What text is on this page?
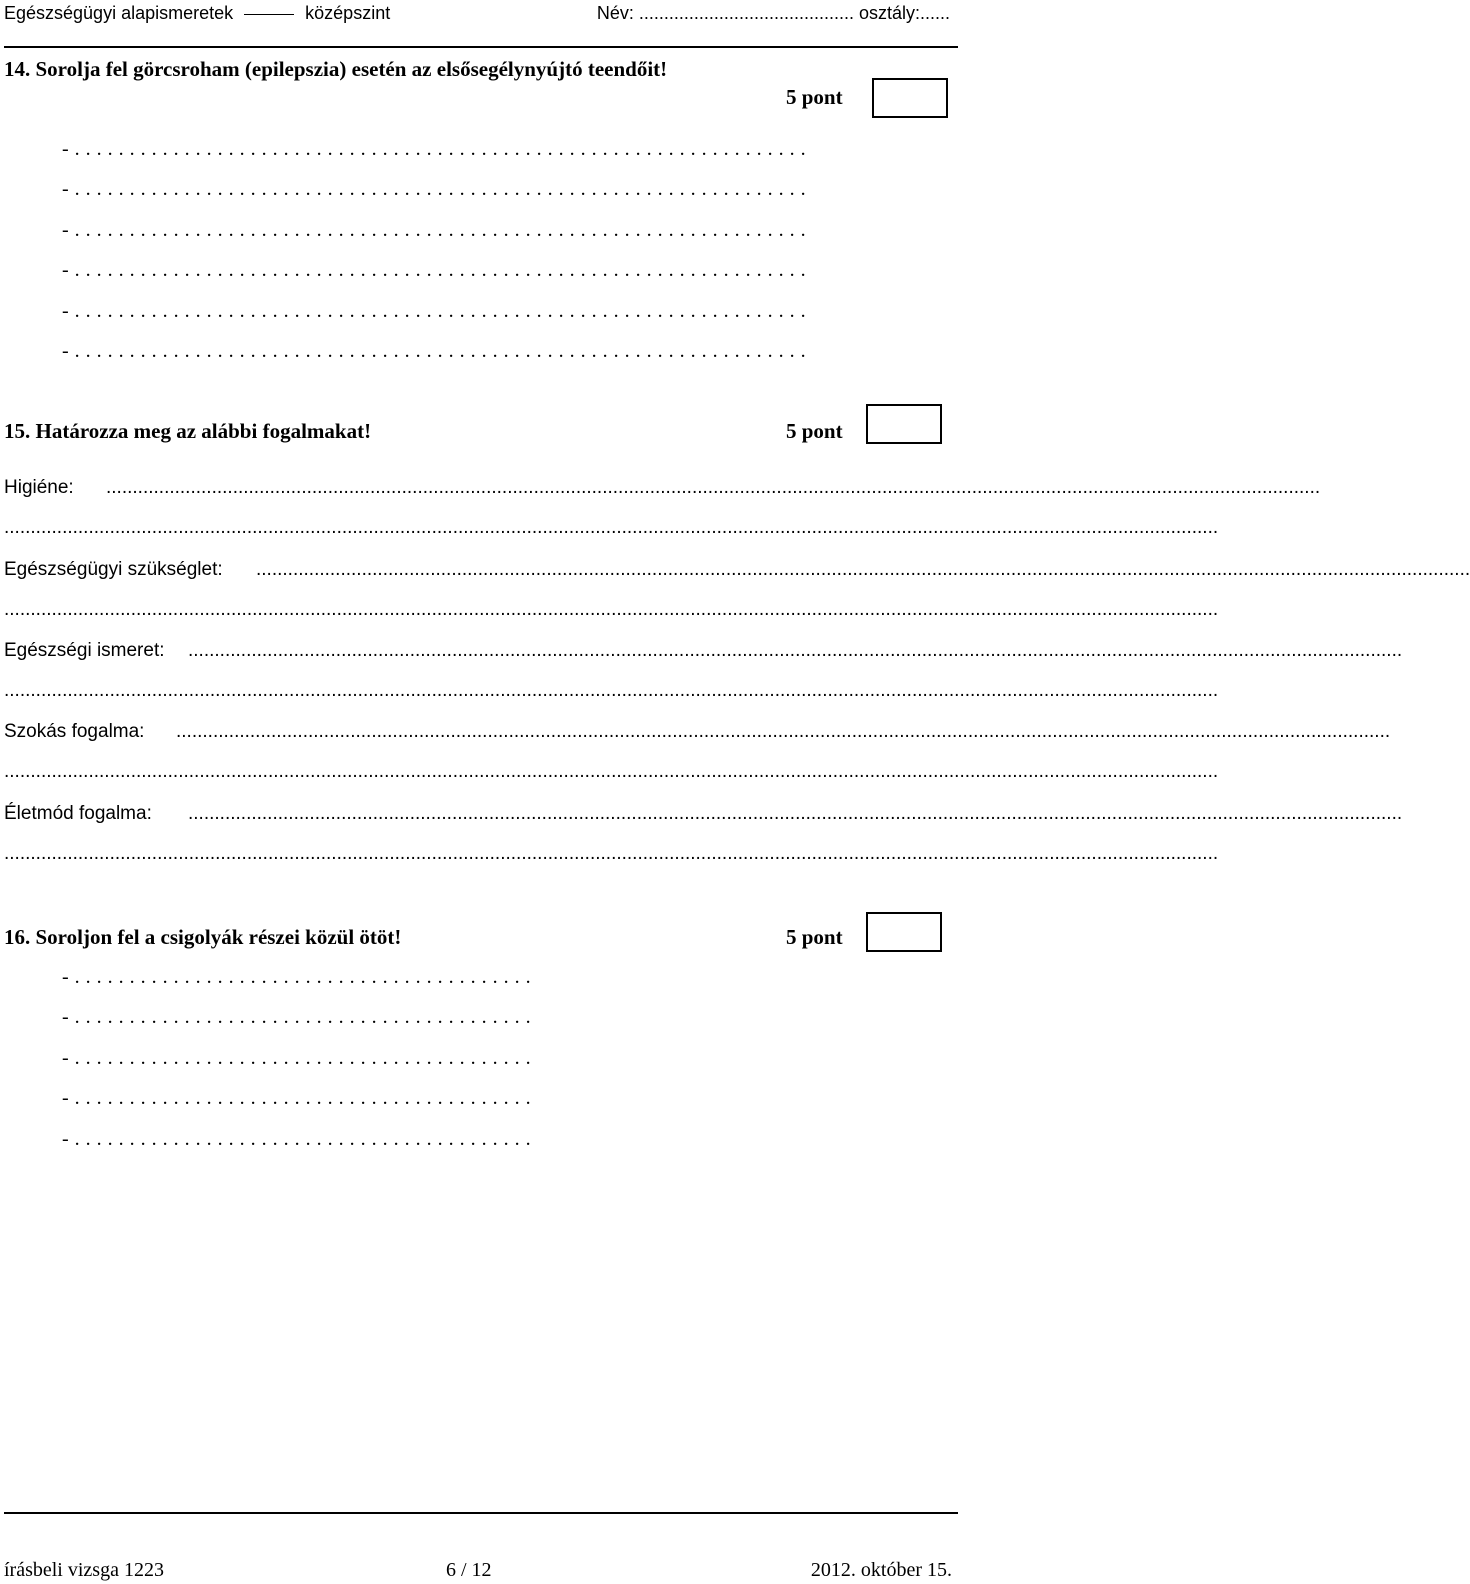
Egészségügyi alapismeretek	középszint	Név: ........................................... osztály:......
14. Sorolja fel görcsroham (epilepszia) esetén az elsősegélynyújtó teendőit!
5 pont
- . . . . . . . . . . . . . . . . . . . . . . . . . . . . . . . . . . . . . . . . . . . . . . . . . . . . . . . . . . . . . . . . . . .
- . . . . . . . . . . . . . . . . . . . . . . . . . . . . . . . . . . . . . . . . . . . . . . . . . . . . . . . . . . . . . . . . . . .
- . . . . . . . . . . . . . . . . . . . . . . . . . . . . . . . . . . . . . . . . . . . . . . . . . . . . . . . . . . . . . . . . . . .
- . . . . . . . . . . . . . . . . . . . . . . . . . . . . . . . . . . . . . . . . . . . . . . . . . . . . . . . . . . . . . . . . . . .
- . . . . . . . . . . . . . . . . . . . . . . . . . . . . . . . . . . . . . . . . . . . . . . . . . . . . . . . . . . . . . . . . . . .
- . . . . . . . . . . . . . . . . . . . . . . . . . . . . . . . . . . . . . . . . . . . . . . . . . . . . . . . . . . . . . . . . . . .
15. Határozza meg az alábbi fogalmakat!	5 pont
Higiéne: ......................................................................................................................................................................................................................................
......................................................................................................................................................................................................................................
Egészségügyi szükséglet: ......................................................................................................................................................................................................................................
......................................................................................................................................................................................................................................
Egészségi ismeret: ......................................................................................................................................................................................................................................
......................................................................................................................................................................................................................................
Szokás fogalma: ......................................................................................................................................................................................................................................
......................................................................................................................................................................................................................................
Életmód fogalma: ......................................................................................................................................................................................................................................
......................................................................................................................................................................................................................................
16. Soroljon fel a csigolyák részei közül ötöt!	5 pont
- . . . . . . . . . . . . . . . . . . . . . . . . . . . . . . . . . . . . . . . . . .
- . . . . . . . . . . . . . . . . . . . . . . . . . . . . . . . . . . . . . . . . . .
- . . . . . . . . . . . . . . . . . . . . . . . . . . . . . . . . . . . . . . . . . .
- . . . . . . . . . . . . . . . . . . . . . . . . . . . . . . . . . . . . . . . . . .
- . . . . . . . . . . . . . . . . . . . . . . . . . . . . . . . . . . . . . . . . . .
írásbeli vizsga 1223	6 / 12	2012. október 15.
